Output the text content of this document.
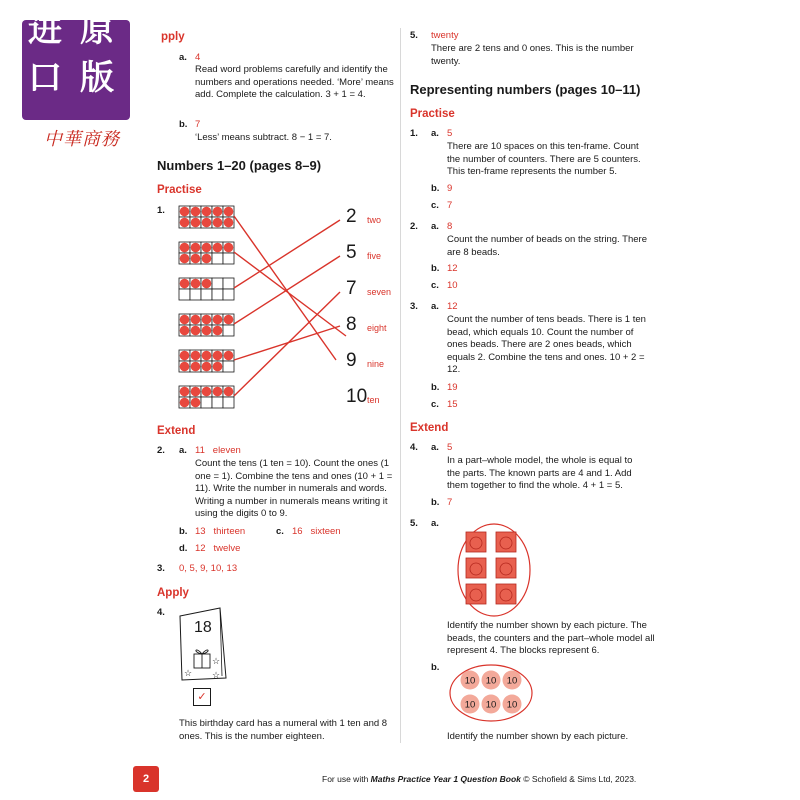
进 原
口 版
中華商務
pply
a. 4
Read word problems carefully and identify the numbers and operations needed. ‘More’ means add. Complete the calculation. 3 + 1 = 4.
b. 7
‘Less’ means subtract. 8 − 1 = 7.
Numbers 1–20 (pages 8–9)
Practise
1.	2 two
5 five
7 seven
8 eight
9 nine
10 ten
Extend
2. a. 11   eleven
Count the tens (1 ten = 10). Count the ones (1 one = 1). Combine the tens and ones (10 + 1 = 11). Write the number in numerals and words. Writing a number in numerals means writing it using the digits 0 to 9.
b. 13   thirteen	c. 16   sixteen
d. 12   twelve
3. 0, 5, 9, 10, 13
Apply
4.
☆
☆
☆
18
✓
This birthday card has a numeral with 1 ten and 8 ones. This is the number eighteen.
5. twenty
There are 2 tens and 0 ones. This is the number twenty.
Representing numbers (pages 10–11)
Practise
1. a. 5
There are 10 spaces on this ten-frame. Count the number of counters. There are 5 counters. This ten-frame represents the number 5.
b. 9
c. 7
2. a. 8
Count the number of beads on the string. There are 8 beads.
b. 12
c. 10
3. a. 12
Count the number of tens beads. There is 1 ten bead, which equals 10. Count the number of ones beads. There are 2 ones beads, which equals 2. Combine the tens and ones. 10 + 2 = 12.
b. 19
c. 15
Extend
4. a. 5
In a part–whole model, the whole is equal to the parts. The known parts are 4 and 1. Add them together to find the whole. 4 + 1 = 5.
b. 7
5. a.
Identify the number shown by each picture. The beads, the counters and the part–whole model all represent 4. The blocks represent 6.
b.
10 10 10
10 10 10
Identify the number shown by each picture.
2	For use with Maths Practice Year 1 Question Book © Schofield & Sims Ltd, 2023.
